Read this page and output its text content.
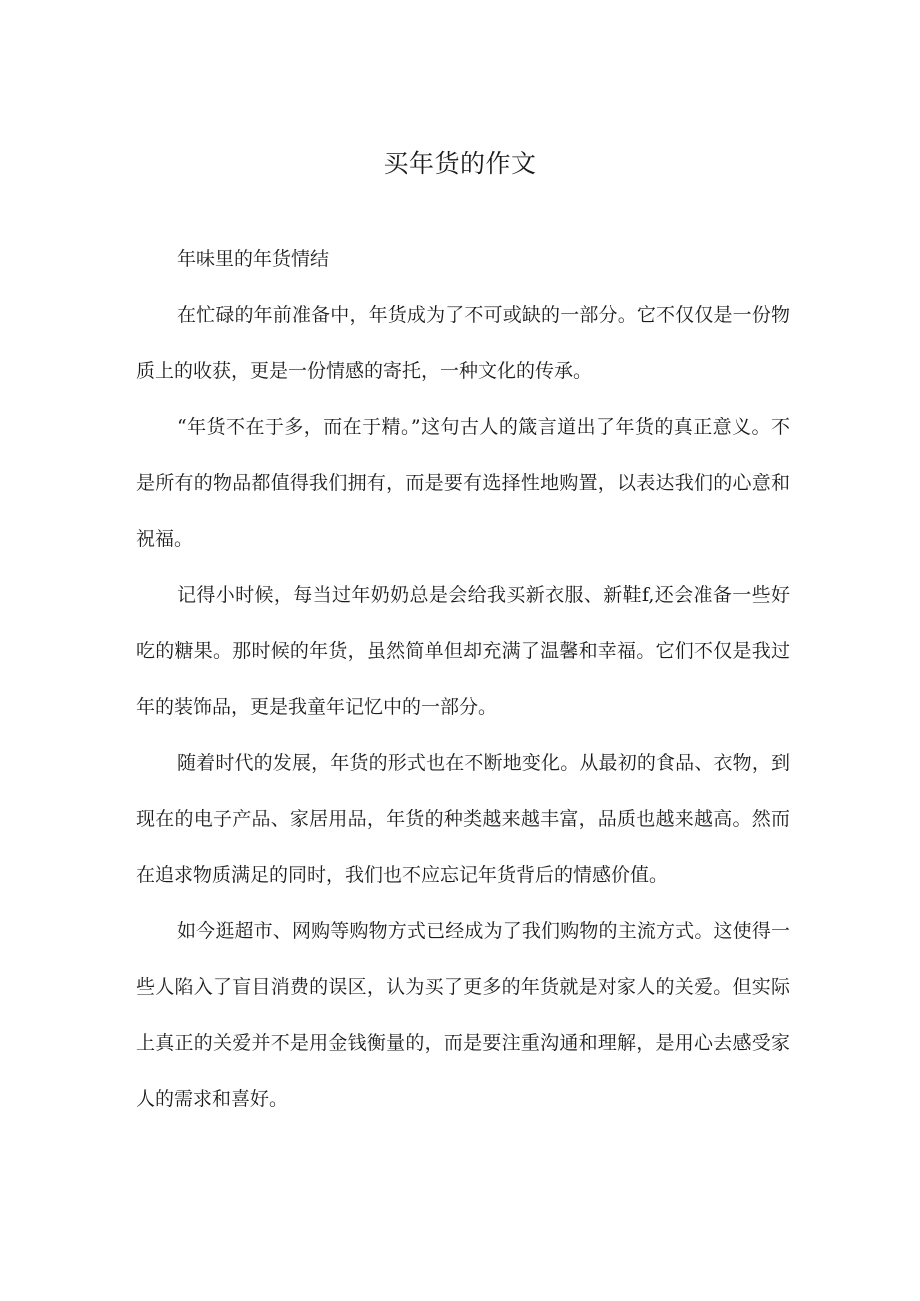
买年货的作文

年味里的年货情结

在忙碌的年前准备中，年货成为了不可或缺的一部分。它不仅仅是一份物质上的收获，更是一份情感的寄托，一种文化的传承。

“年货不在于多，而在于精。”这句古人的箴言道出了年货的真正意义。不是所有的物品都值得我们拥有，而是要有选择性地购置，以表达我们的心意和祝福。

记得小时候，每当过年奶奶总是会给我买新衣服、新鞋f,还会准备一些好吃的糖果。那时候的年货，虽然简单但却充满了温馨和幸福。它们不仅是我过年的装饰品，更是我童年记忆中的一部分。

随着时代的发展，年货的形式也在不断地变化。从最初的食品、衣物，到现在的电子产品、家居用品，年货的种类越来越丰富，品质也越来越高。然而在追求物质满足的同时，我们也不应忘记年货背后的情感价值。

如今逛超市、网购等购物方式已经成为了我们购物的主流方式。这使得一些人陷入了盲目消费的误区，认为买了更多的年货就是对家人的关爱。但实际上真正的关爱并不是用金钱衡量的，而是要注重沟通和理解，是用心去感受家人的需求和喜好。
